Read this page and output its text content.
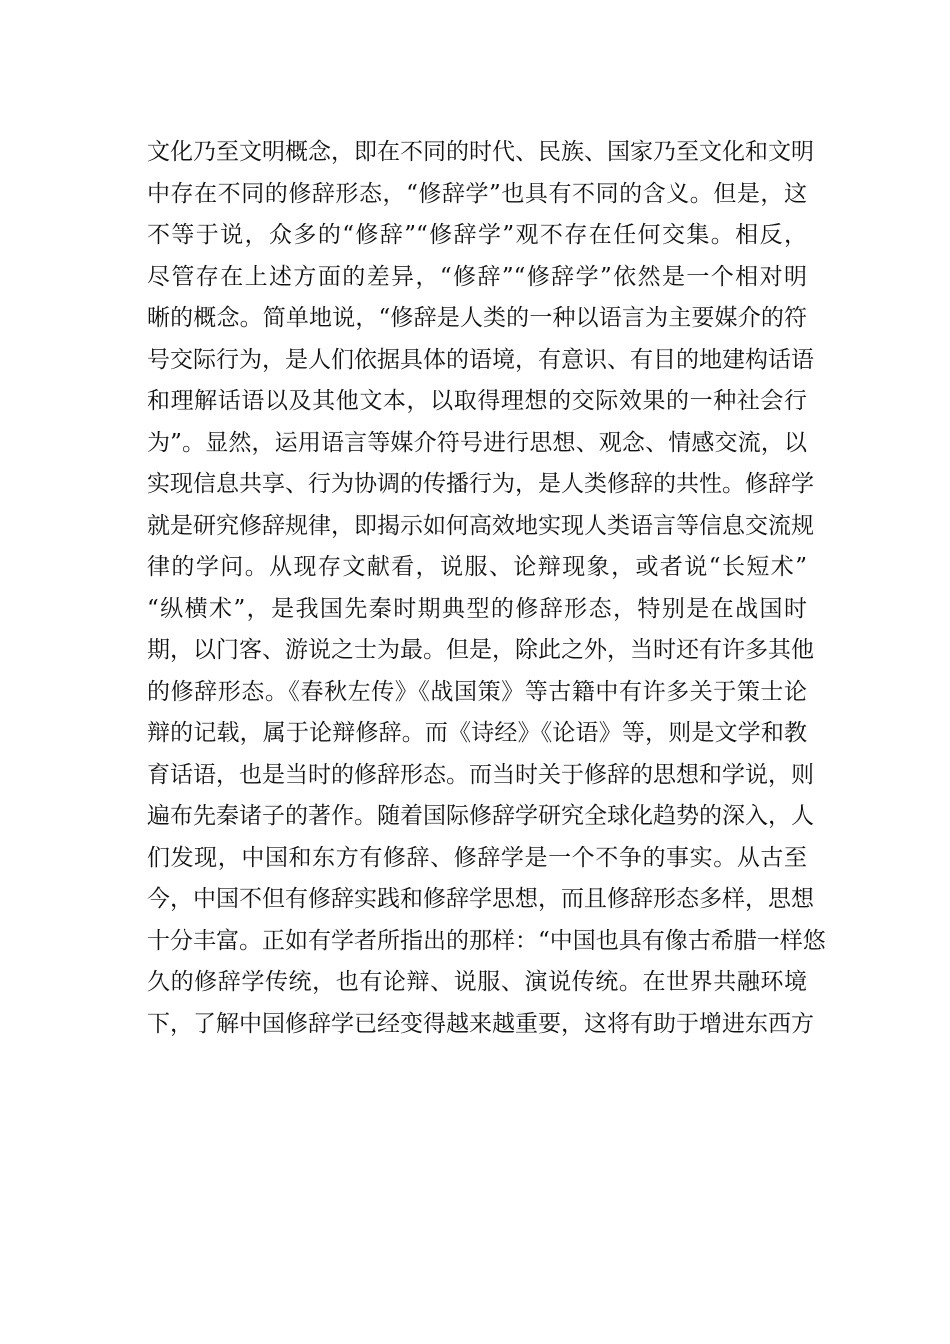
文化乃至文明概念，即在不同的时代、民族、国家乃至文化和文明
中存在不同的修辞形态，“修辞学”也具有不同的含义。但是，这
不等于说，众多的“修辞”“修辞学”观不存在任何交集。相反，
尽管存在上述方面的差异，“修辞”“修辞学”依然是一个相对明
晰的概念。简单地说，“修辞是人类的一种以语言为主要媒介的符
号交际行为，是人们依据具体的语境，有意识、有目的地建构话语
和理解话语以及其他文本，以取得理想的交际效果的一种社会行
为”。显然，运用语言等媒介符号进行思想、观念、情感交流，以
实现信息共享、行为协调的传播行为，是人类修辞的共性。修辞学
就是研究修辞规律，即揭示如何高效地实现人类语言等信息交流规
律的学问。从现存文献看，说服、论辩现象，或者说“长短术”
“纵横术”，是我国先秦时期典型的修辞形态，特别是在战国时
期，以门客、游说之士为最。但是，除此之外，当时还有许多其他
的修辞形态。《春秋左传》《战国策》等古籍中有许多关于策士论
辩的记载，属于论辩修辞。而《诗经》《论语》等，则是文学和教
育话语，也是当时的修辞形态。而当时关于修辞的思想和学说，则
遍布先秦诸子的著作。随着国际修辞学研究全球化趋势的深入，人
们发现，中国和东方有修辞、修辞学是一个不争的事实。从古至
今，中国不但有修辞实践和修辞学思想，而且修辞形态多样，思想
十分丰富。正如有学者所指出的那样：“中国也具有像古希腊一样悠
久的修辞学传统，也有论辩、说服、演说传统。在世界共融环境
下，了解中国修辞学已经变得越来越重要，这将有助于增进东西方
